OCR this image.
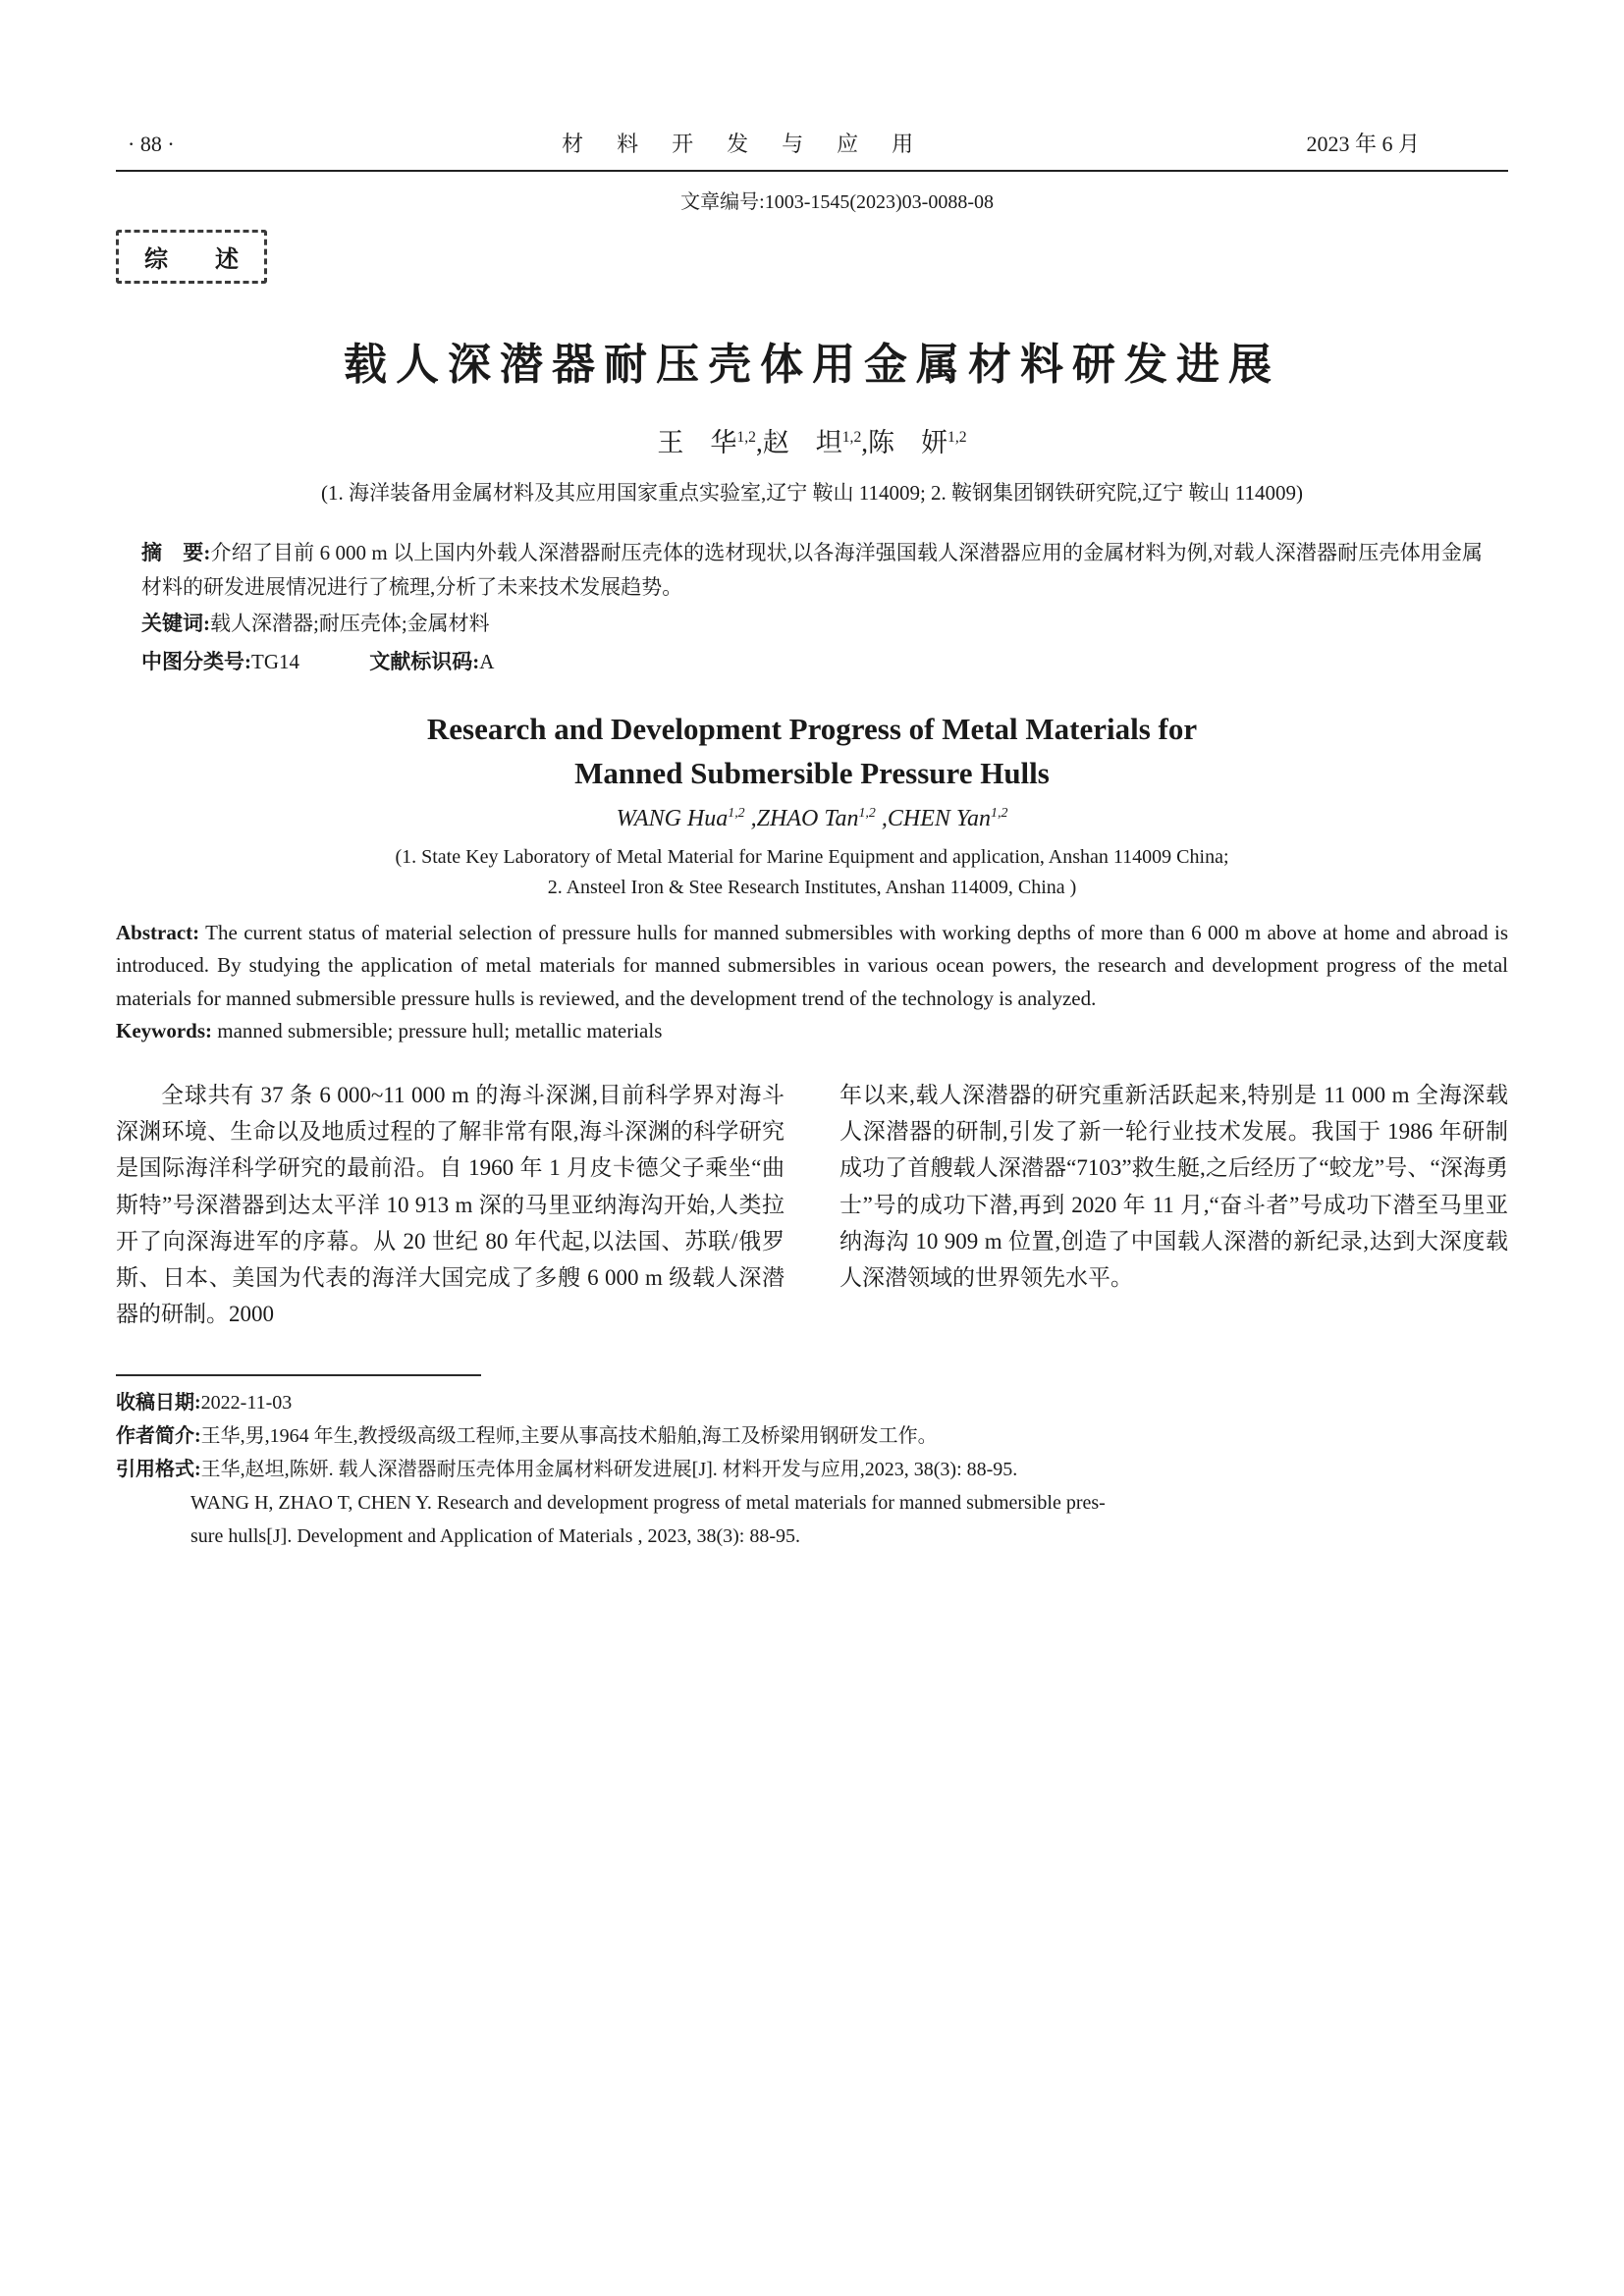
· 88 ·	材　料　开　发　与　应　用	2023 年 6 月
文章编号:1003-1545(2023)03-0088-08
综　　述
载人深潜器耐压壳体用金属材料研发进展
王　华$^{1,2}$,赵　坦$^{1,2}$,陈　妍$^{1,2}$
(1. 海洋装备用金属材料及其应用国家重点实验室,辽宁 鞍山 114009; 2. 鞍钢集团钢铁研究院,辽宁 鞍山 114009)

摘　要:介绍了目前 6 000 m 以上国内外载人深潜器耐压壳体的选材现状,以各海洋强国载人深潜器应用的金属材料为例,对载人深潜器耐压壳体用金属材料的研发进展情况进行了梳理,分析了未来技术发展趋势。

关键词:载人深潜器;耐压壳体;金属材料

中图分类号:TG14	文献标识码:A

Research and Development Progress of Metal Materials for
Manned Submersible Pressure Hulls
WANG Hua$^{1,2}$ ,ZHAO Tan$^{1,2}$ ,CHEN Yan$^{1,2}$
(1. State Key Laboratory of Metal Material for Marine Equipment and application, Anshan 114009 China;
2. Ansteel Iron & Stee Research Institutes, Anshan 114009, China )

Abstract: The current status of material selection of pressure hulls for manned submersibles with working depths of more than 6 000 m above at home and abroad is introduced. By studying the application of metal materials for manned submersibles in various ocean powers, the research and development progress of the metal materials for manned submersible pressure hulls is reviewed, and the development trend of the technology is analyzed.

Keywords: manned submersible; pressure hull; metallic materials

全球共有 37 条 6 000~11 000 m 的海斗深渊,目前科学界对海斗深渊环境、生命以及地质过程的了解非常有限,海斗深渊的科学研究是国际海洋科学研究的最前沿。自 1960 年 1 月皮卡德父子乘坐“曲斯特”号深潜器到达太平洋 10 913 m 深的马里亚纳海沟开始,人类拉开了向深海进军的序幕。从 20 世纪 80 年代起,以法国、苏联/俄罗斯、日本、美国为代表的海洋大国完成了多艘 6 000 m 级载人深潜器的研制。2000

年以来,载人深潜器的研究重新活跃起来,特别是 11 000 m 全海深载人深潜器的研制,引发了新一轮行业技术发展。我国于 1986 年研制成功了首艘载人深潜器“7103”救生艇,之后经历了“蛟龙”号、“深海勇士”号的成功下潜,再到 2020 年 11 月,“奋斗者”号成功下潜至马里亚纳海沟 10 909 m 位置,创造了中国载人深潜的新纪录,达到大深度载人深潜领域的世界领先水平。

收稿日期:2022-11-03

作者简介:王华,男,1964 年生,教授级高级工程师,主要从事高技术船舶,海工及桥梁用钢研发工作。

引用格式:王华,赵坦,陈妍. 载人深潜器耐压壳体用金属材料研发进展[J]. 材料开发与应用,2023, 38(3): 88-95.

WANG H, ZHAO T, CHEN Y. Research and development progress of metal materials for manned submersible pres-

sure hulls[J]. Development and Application of Materials , 2023, 38(3): 88-95.
